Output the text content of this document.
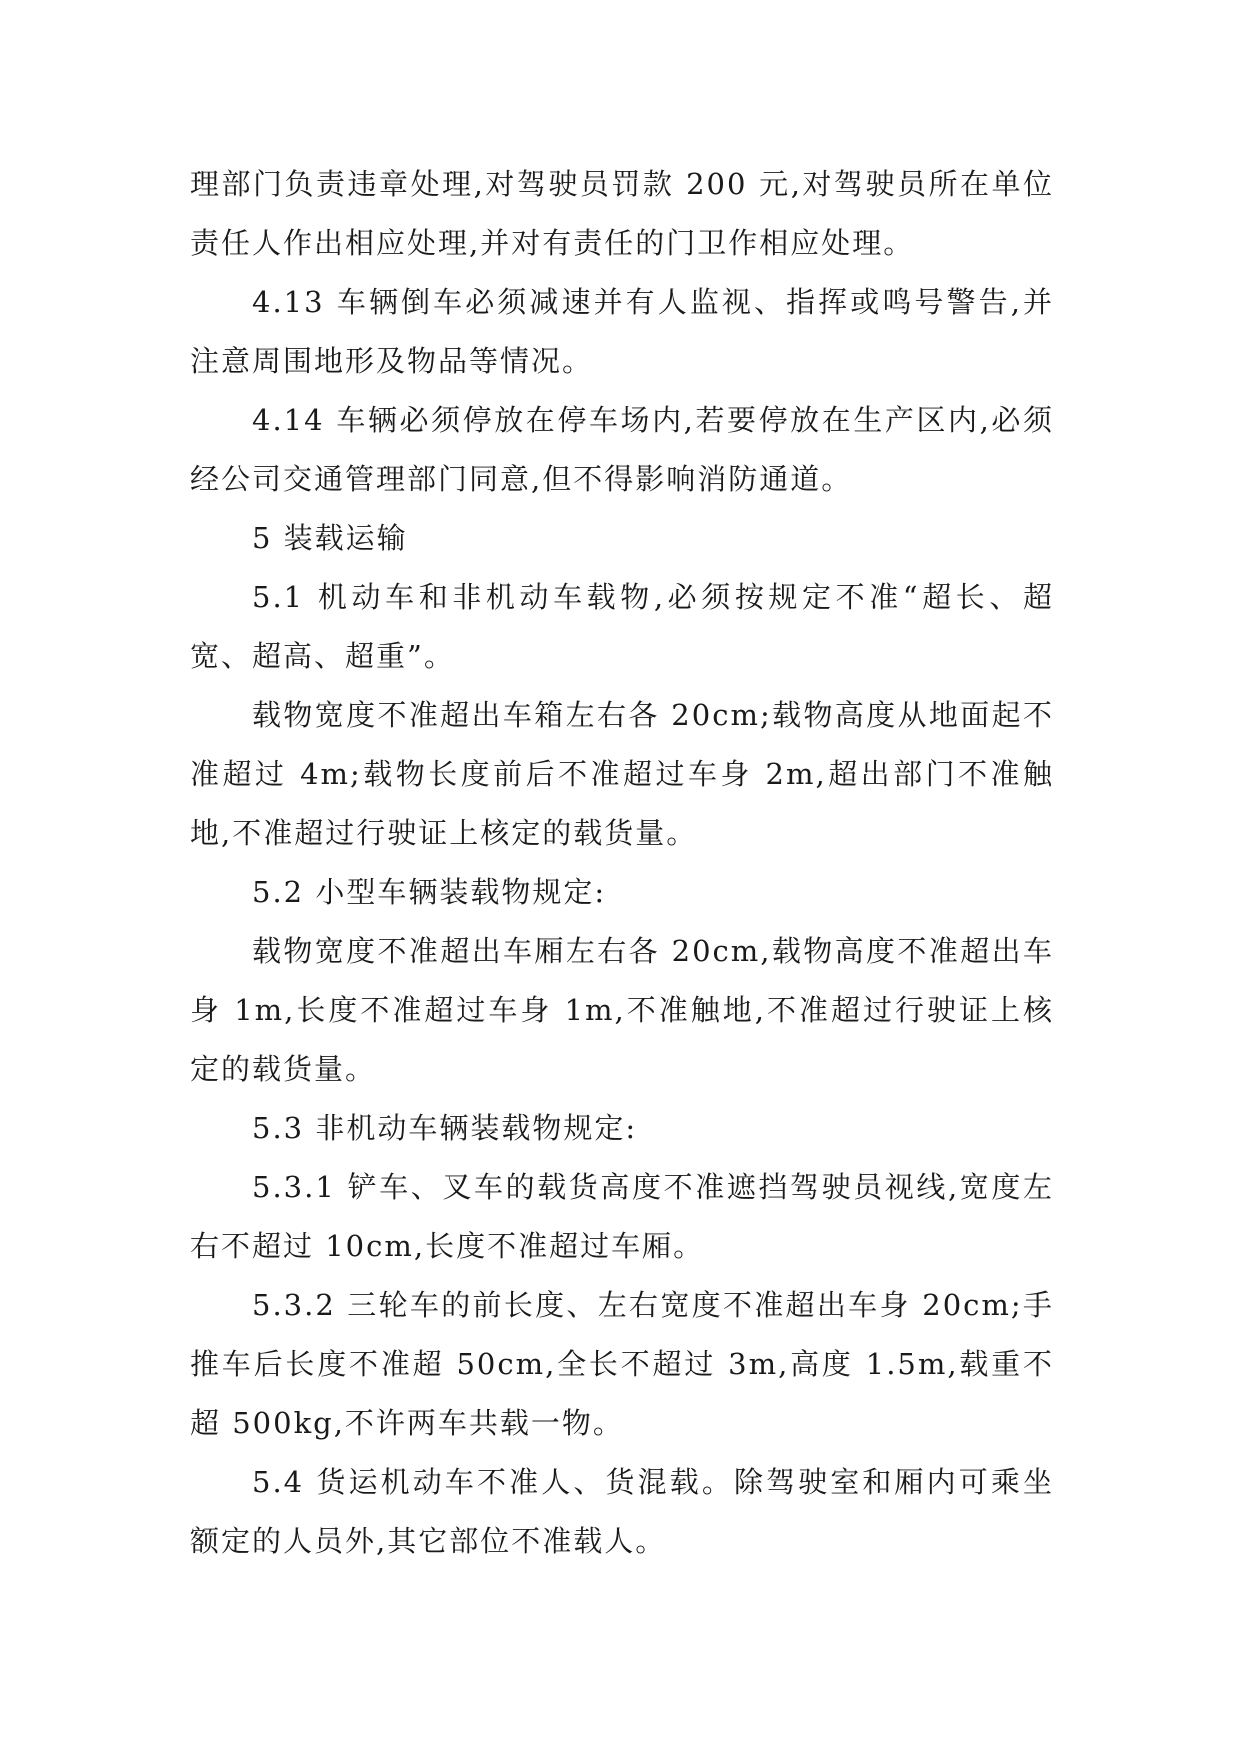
理部门负责违章处理,对驾驶员罚款 200 元,对驾驶员所在单位责任人作出相应处理,并对有责任的门卫作相应处理。

4.13 车辆倒车必须减速并有人监视、指挥或鸣号警告,并注意周围地形及物品等情况。

4.14 车辆必须停放在停车场内,若要停放在生产区内,必须经公司交通管理部门同意,但不得影响消防通道。

5 装载运输

5.1 机动车和非机动车载物,必须按规定不准“超长、超宽、超高、超重”。

载物宽度不准超出车箱左右各 20cm;载物高度从地面起不准超过 4m;载物长度前后不准超过车身 2m,超出部门不准触地,不准超过行驶证上核定的载货量。

5.2 小型车辆装载物规定:

载物宽度不准超出车厢左右各 20cm,载物高度不准超出车身 1m,长度不准超过车身 1m,不准触地,不准超过行驶证上核定的载货量。

5.3 非机动车辆装载物规定:

5.3.1 铲车、叉车的载货高度不准遮挡驾驶员视线,宽度左右不超过 10cm,长度不准超过车厢。

5.3.2 三轮车的前长度、左右宽度不准超出车身 20cm;手推车后长度不准超 50cm,全长不超过 3m,高度 1.5m,载重不超 500kg,不许两车共载一物。

5.4 货运机动车不准人、货混载。除驾驶室和厢内可乘坐额定的人员外,其它部位不准载人。
